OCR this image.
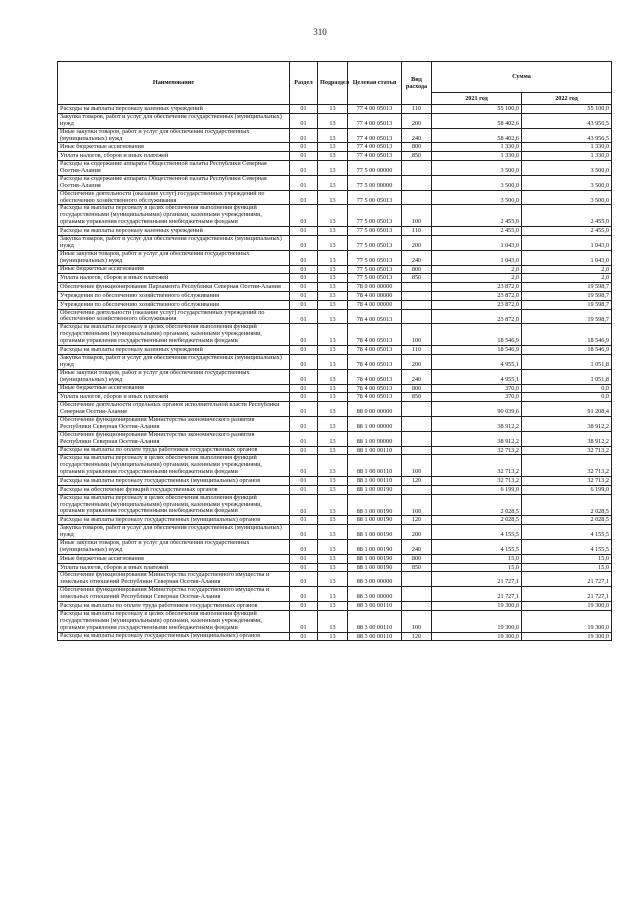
310
Наименование	Раздел	Подраздел	Целевая статья	Вид расхода	Сумма	
					2021 год	2022 год
Расходы на выплаты персоналу казенных учреждений	01	13	77 4 00 05013	110	55 100,0	55 100,0
Закупка товаров, работ и услуг для обеспечения государственных (муниципальных) нужд	01	13	77 4 00 05013	200	58 402,6	43 956,5
Иные закупки товаров, работ и услуг для обеспечения государственных (муниципальных) нужд	01	13	77 4 00 05013	240	58 402,6	43 956,5
Иные бюджетные ассигнования	01	13	77 4 00 05013	800	1 330,0	1 330,0
Уплата налогов, сборов и иных платежей	01	13	77 4 00 05013	850	1 330,0	1 330,0
Расходы на содержание аппарата Общественной палаты Республики Северная Осетия-Алания	01	13	77 5 00 00000		3 500,0	3 500,0
Расходы на содержание аппарата Общественной палаты Республики Северная Осетия-Алания	01	13	77 5 00 00000		3 500,0	3 500,0
Обеспечение деятельности (оказание услуг) государственных учреждений по обеспечению хозяйственного обслуживания	01	13	77 5 00 05013		3 500,0	3 500,0
Расходы на выплаты персоналу в целях обеспечения выполнения функций государственными (муниципальными) органами, казенными учреждениями, органами управления государственными внебюджетными фондами	01	13	77 5 00 05013	100	2 455,0	2 455,0
Расходы на выплаты персоналу казенных учреждений	01	13	77 5 00 05013	110	2 455,0	2 455,0
Закупка товаров, работ и услуг для обеспечения государственных (муниципальных) нужд	01	13	77 5 00 05013	200	1 043,0	1 043,0
Иные закупки товаров, работ и услуг для обеспечения государственных (муниципальных) нужд	01	13	77 5 00 05013	240	1 043,0	1 043,0
Иные бюджетные ассигнования	01	13	77 5 00 05013	800	2,0	2,0
Уплата налогов, сборов и иных платежей	01	13	77 5 00 05013	850	2,0	2,0
Обеспечение функционирования Парламента Республики Северная Осетия-Алания	01	13	78 0 00 00000		23 872,0	19 598,7
Учреждения по обеспечению хозяйственного обслуживания	01	13	78 4 00 00000		23 872,0	19 598,7
Учреждения по обеспечению хозяйственного обслуживания	01	13	78 4 00 00000		23 872,0	19 598,7
Обеспечение деятельности (оказание услуг) государственных учреждений по обеспечению хозяйственного обслуживания	01	13	78 4 00 05013		23 872,0	19 598,7
Расходы на выплаты персоналу в целях обеспечения выполнения функций государственными (муниципальными) органами, казенными учреждениями, органами управления государственными внебюджетными фондами	01	13	78 4 00 05013	100	18 546,9	18 546,9
Расходы на выплаты персоналу казенных учреждений	01	13	78 4 00 05013	110	18 546,9	18 546,9
Закупка товаров, работ и услуг для обеспечения государственных (муниципальных) нужд	01	13	78 4 00 05013	200	4 955,1	1 051,8
Иные закупки товаров, работ и услуг для обеспечения государственных (муниципальных) нужд	01	13	78 4 00 05013	240	4 955,1	1 051,8
Иные бюджетные ассигнования	01	13	78 4 00 05013	800	370,0	0,0
Уплата налогов, сборов и иных платежей	01	13	78 4 00 05013	850	370,0	0,0
Обеспечение деятельности отдельных органов исполнительной власти Республики Северная Осетия-Алания	01	13	88 0 00 00000		90 039,6	91 208,4
Обеспечение функционирования Министерства экономического развития Республики Северная Осетия-Алания	01	13	88 1 00 00000		38 912,2	38 912,2
Обеспечение функционирования Министерства экономического развития Республики Северная Осетия-Алания	01	13	88 1 00 00000		38 912,2	38 912,2
Расходы на выплаты по оплате труда работников государственных органов	01	13	88 1 00 00110		32 713,2	32 713,2
Расходы на выплаты персоналу в целях обеспечения выполнения функций государственными (муниципальными) органами, казенными учреждениями, органами управления государственными внебюджетными фондами	01	13	88 1 00 00110	100	32 713,2	32 713,2
Расходы на выплаты персоналу государственных (муниципальных) органов	01	13	88 1 00 00110	120	32 713,2	32 713,2
Расходы на обеспечение функций государственных органов	01	13	88 1 00 00190		6 199,0	6 199,0
Расходы на выплаты персоналу в целях обеспечения выполнения функций государственными (муниципальными) органами, казенными учреждениями, органами управления государственными внебюджетными фондами	01	13	88 1 00 00190	100	2 028,5	2 028,5
Расходы на выплаты персоналу государственных (муниципальных) органов	01	13	88 1 00 00190	120	2 028,5	2 028,5
Закупка товаров, работ и услуг для обеспечения государственных (муниципальных) нужд	01	13	88 1 00 00190	200	4 155,5	4 155,5
Иные закупки товаров, работ и услуг для обеспечения государственных (муниципальных) нужд	01	13	88 1 00 00190	240	4 155,5	4 155,5
Иные бюджетные ассигнования	01	13	88 1 00 00190	800	15,0	15,0
Уплата налогов, сборов и иных платежей	01	13	88 1 00 00190	850	15,0	15,0
Обеспечение функционирования Министерства государственного имущества и земельных отношений Республики Северная Осетия-Алания	01	13	88 3 00 00000		21 727,1	21 727,1
Обеспечение функционирования Министерства государственного имущества и земельных отношений Республики Северная Осетия-Алания	01	13	88 3 00 00000		21 727,1	21 727,1
Расходы на выплаты по оплате труда работников государственных органов	01	13	88 3 00 00110		19 300,0	19 300,0
Расходы на выплаты персоналу в целях обеспечения выполнения функций государственными (муниципальными) органами, казенными учреждениями, органами управления государственными внебюджетными фондами	01	13	88 3 00 00110	100	19 300,0	19 300,0
Расходы на выплаты персоналу государственных (муниципальных) органов	01	13	88 3 00 00110	120	19 300,0	19 300,0
